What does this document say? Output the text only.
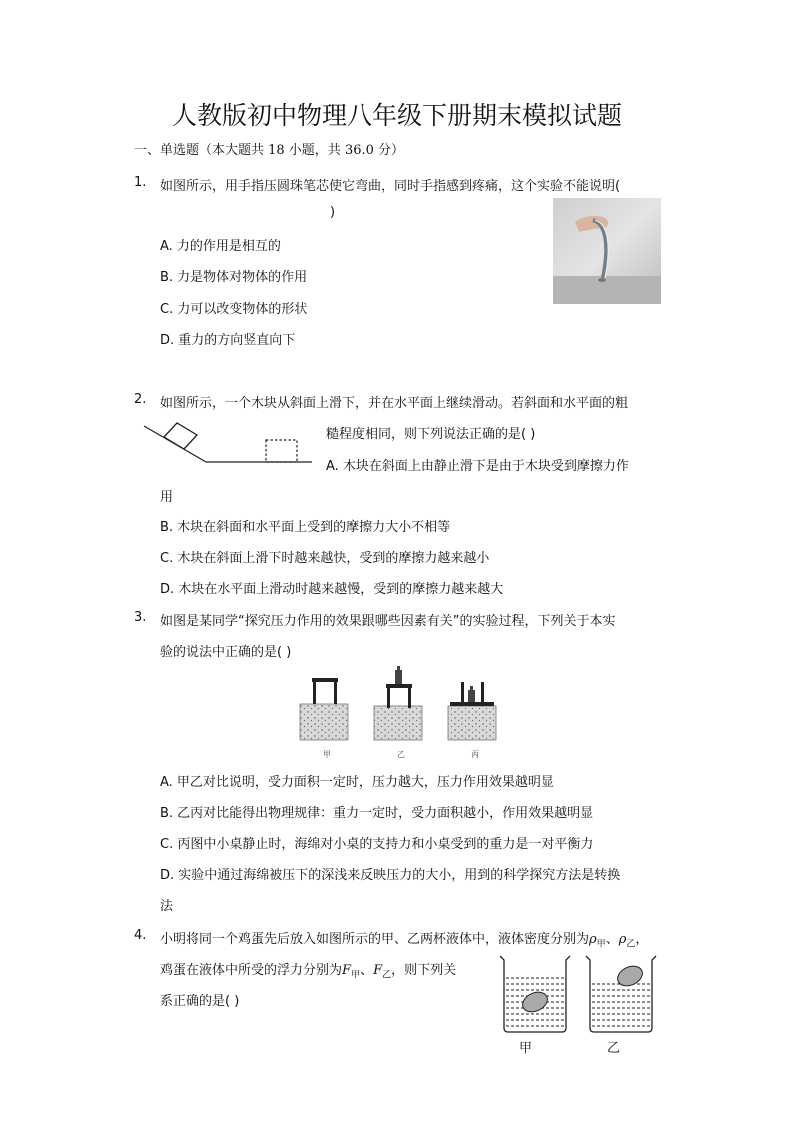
人教版初中物理八年级下册期末模拟试题
一、单选题（本大题共 18 小题，共 36.0 分）
1. 如图所示，用手指压圆珠笔芯使它弯曲，同时手指感到疼痛，这个实验不能说明(
)
A. 力的作用是相互的
B. 力是物体对物体的作用
C. 力可以改变物体的形状
D. 重力的方向竖直向下
2. 如图所示，一个木块从斜面上滑下，并在水平面上继续滑动。若斜面和水平面的粗
糙程度相同，则下列说法正确的是( )
A. 木块在斜面上由静止滑下是由于木块受到摩擦力作
用
B. 木块在斜面和水平面上受到的摩擦力大小不相等
C. 木块在斜面上滑下时越来越快，受到的摩擦力越来越小
D. 木块在水平面上滑动时越来越慢，受到的摩擦力越来越大
3. 如图是某同学“探究压力作用的效果跟哪些因素有关”的实验过程，下列关于本实
验的说法中正确的是( )
甲	乙	丙
A. 甲乙对比说明，受力面积一定时，压力越大，压力作用效果越明显
B. 乙丙对比能得出物理规律：重力一定时，受力面积越小，作用效果越明显
C. 丙图中小桌静止时，海绵对小桌的支持力和小桌受到的重力是一对平衡力
D. 实验中通过海绵被压下的深浅来反映压力的大小，用到的科学探究方法是转换
法
4. 小明将同一个鸡蛋先后放入如图所示的甲、乙两杯液体中，液体密度分别为$\rho_甲$、$\rho_乙$，
鸡蛋在液体中所受的浮力分别为$F_甲$、$F_乙$，则下列关
系正确的是( )
甲	乙
